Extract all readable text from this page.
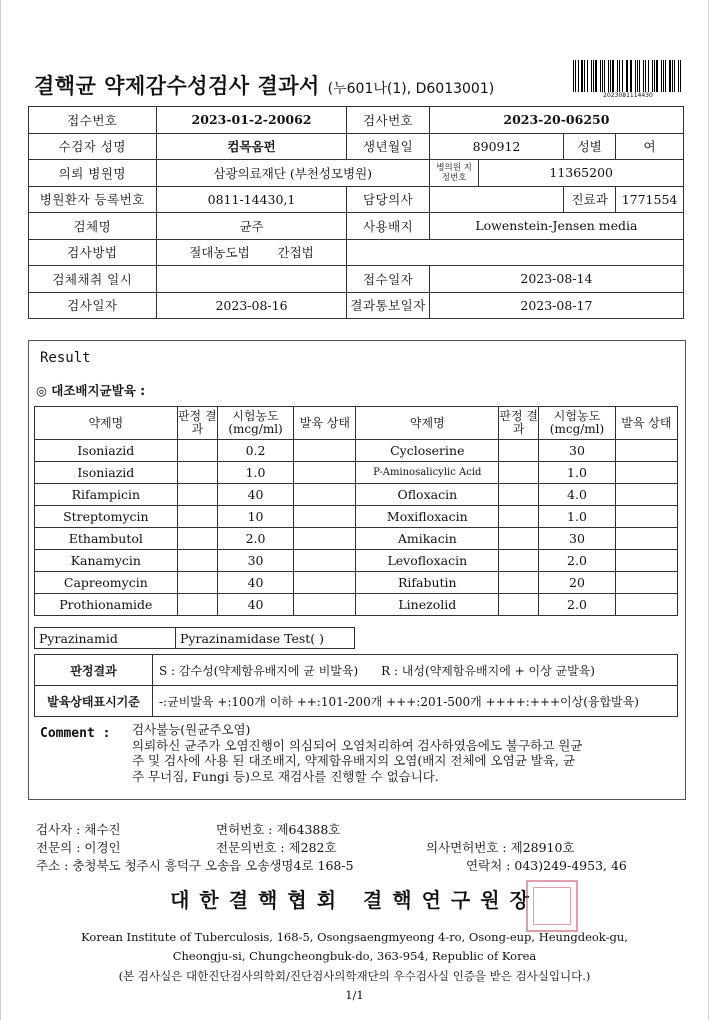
결핵균 약제감수성검사 결과서 (누601나(1), D6013001)	2023081114430
접수번호	2023-01-2-20062	검사번호	2023-20-06250			
수검자 성명	컴목옴펀	생년월일	890912		성별	여
의뢰 병원명	삼광의료재단 (부천성모병원)		병의원 지정번호	11365200		
병원환자 등록번호	0811-14430,1	담당의사			진료과	1771554
검체명	균주	사용배지	Lowenstein-Jensen media			
검사방법	절대농도법 간접법					
검체채취 일시		접수일자	2023-08-14			
검사일자	2023-08-16	결과통보일자	2023-08-17			
Result
◎ 대조배지균발육 :
약제명	판정 결과	시험농도 (mcg/ml)	발육 상태	약제명	판정 결과	시험농도 (mcg/ml)	발육 상태
Isoniazid		0.2		Cycloserine		30	
Isoniazid		1.0		P-Aminosalicylic Acid		1.0	
Rifampicin		40		Ofloxacin		4.0	
Streptomycin		10		Moxifloxacin		1.0	
Ethambutol		2.0		Amikacin		30	
Kanamycin		30		Levofloxacin		2.0	
Capreomycin		40		Rifabutin		20	
Prothionamide		40		Linezolid		2.0	
Pyrazinamid	Pyrazinamidase Test( )
판정결과	S : 감수성(약제함유배지에 균 비발육) R : 내성(약제함유배지에 + 이상 균발육)
발육상태표시기준	-:균비발육 +:100개 이하 ++:101-200개 +++:201-500개 ++++:+++이상(융합발육)
Comment : 검사불능(원균주오염)
의뢰하신 균주가 오염진행이 의심되어 오염처리하여 검사하였음에도 불구하고 원균
주 및 검사에 사용 된 대조배지, 약제함유배지의 오염(배지 전체에 오염균 발육, 균
주 무너짐, Fungi 등)으로 재검사를 진행할 수 없습니다.
검사자 : 채수진	면허번호 : 제64388호
전문의 : 이경인	전문의번호 : 제282호	의사면허번호 : 제28910호
주소 : 충청북도 청주시 흥덕구 오송읍 오송생명4로 168-5	연락처 : 043)249-4953, 46
대한결핵협회 결핵연구원장
Korean Institute of Tuberculosis, 168-5, Osongsaengmyeong 4-ro, Osong-eup, Heungdeok-gu,
Cheongju-si, Chungcheongbuk-do, 363-954, Republic of Korea
(본 검사실은 대한진단검사의학회/진단검사의학재단의 우수검사실 인증을 받은 검사실입니다.)
1/1
